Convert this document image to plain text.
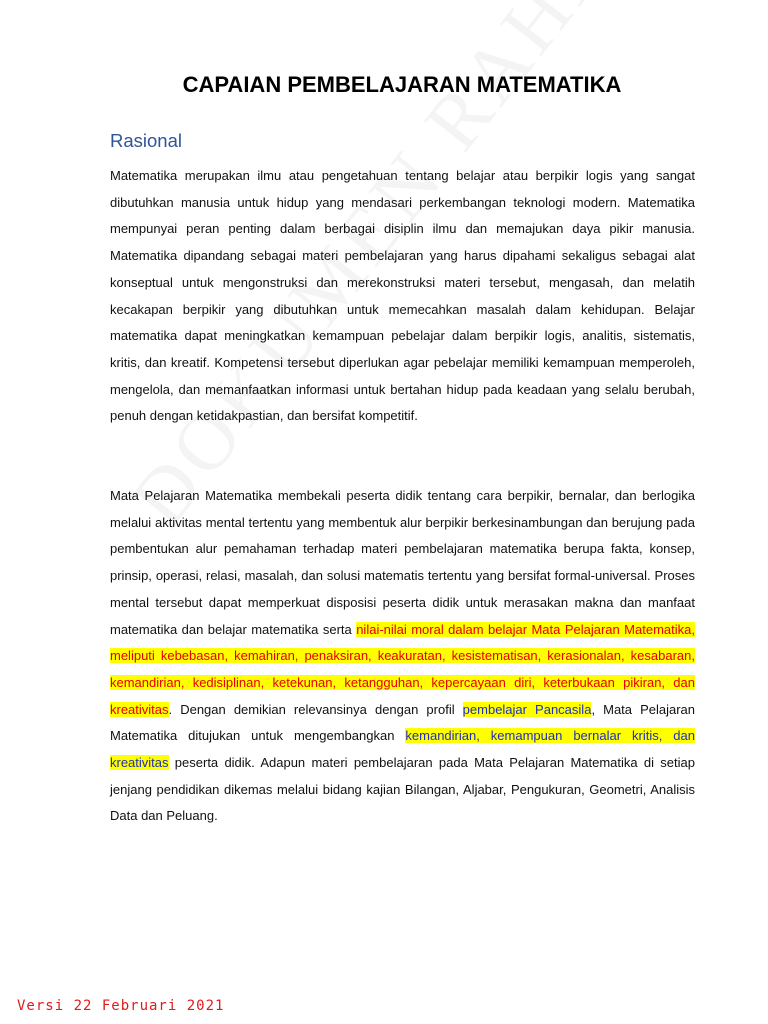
CAPAIAN PEMBELAJARAN MATEMATIKA
Rasional

Matematika merupakan ilmu atau pengetahuan tentang belajar atau berpikir logis yang sangat dibutuhkan manusia untuk hidup yang mendasari perkembangan teknologi modern. Matematika mempunyai peran penting dalam berbagai disiplin ilmu dan memajukan daya pikir manusia. Matematika dipandang sebagai materi pembelajaran yang harus dipahami sekaligus sebagai alat konseptual untuk mengonstruksi dan merekonstruksi materi tersebut, mengasah, dan melatih kecakapan berpikir yang dibutuhkan untuk memecahkan masalah dalam kehidupan. Belajar matematika dapat meningkatkan kemampuan pebelajar dalam berpikir logis, analitis, sistematis, kritis, dan kreatif. Kompetensi tersebut diperlukan agar pebelajar memiliki kemampuan memperoleh, mengelola, dan memanfaatkan informasi untuk bertahan hidup pada keadaan yang selalu berubah, penuh dengan ketidakpastian, dan bersifat kompetitif.

Mata Pelajaran Matematika membekali peserta didik tentang cara berpikir, bernalar, dan berlogika melalui aktivitas mental tertentu yang membentuk alur berpikir berkesinambungan dan berujung pada pembentukan alur pemahaman terhadap materi pembelajaran matematika berupa fakta, konsep, prinsip, operasi, relasi, masalah, dan solusi matematis tertentu yang bersifat formal-universal. Proses mental tersebut dapat memperkuat disposisi peserta didik untuk merasakan makna dan manfaat matematika dan belajar matematika serta nilai-nilai moral dalam belajar Mata Pelajaran Matematika, meliputi kebebasan, kemahiran, penaksiran, keakuratan, kesistematisan, kerasionalan, kesabaran, kemandirian, kedisiplinan, ketekunan, ketangguhan, kepercayaan diri, keterbukaan pikiran, dan kreativitas. Dengan demikian relevansinya dengan profil pembelajar Pancasila, Mata Pelajaran Matematika ditujukan untuk mengembangkan kemandirian, kemampuan bernalar kritis, dan kreativitas peserta didik. Adapun materi pembelajaran pada Mata Pelajaran Matematika di setiap jenjang pendidikan dikemas melalui bidang kajian Bilangan, Aljabar, Pengukuran, Geometri, Analisis Data dan Peluang.

Versi 22 Februari 2021
